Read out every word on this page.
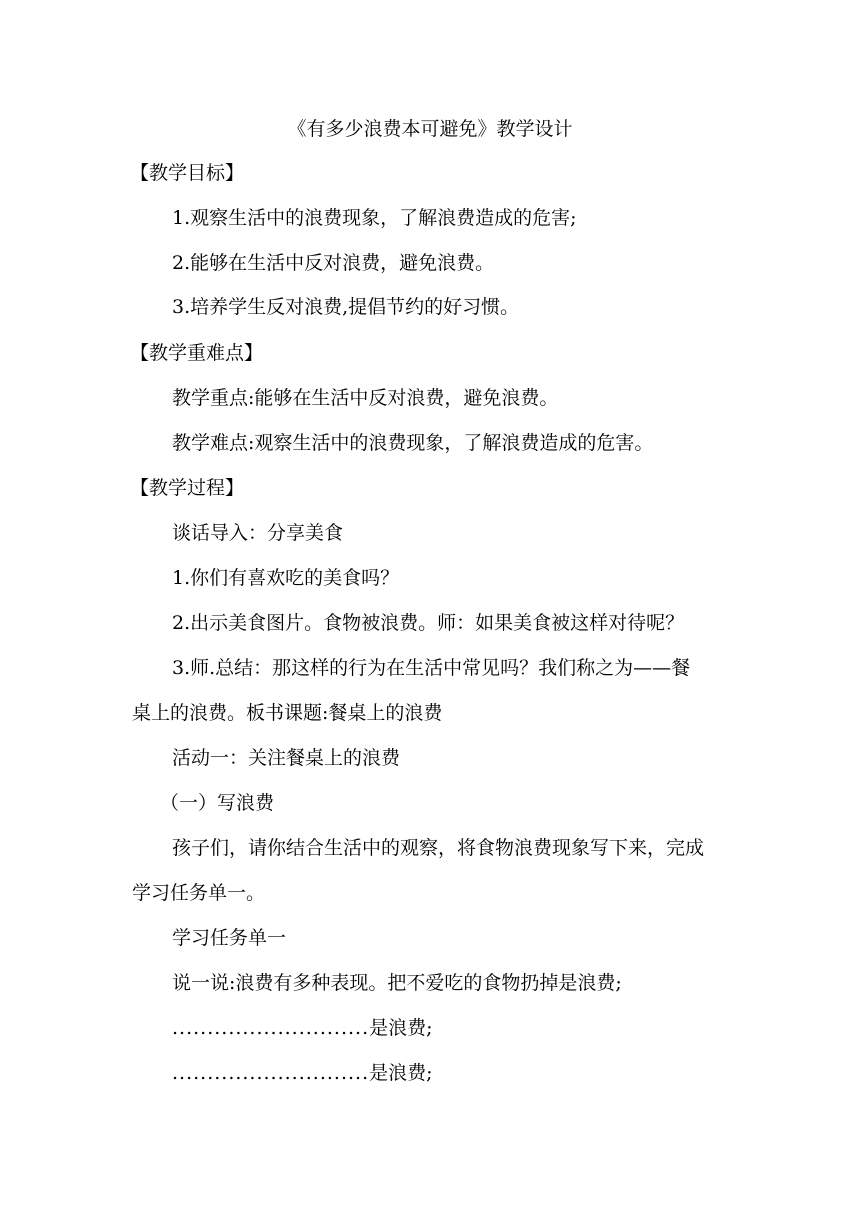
《有多少浪费本可避免》教学设计
【教学目标】
1.观察生活中的浪费现象，了解浪费造成的危害;
2.能够在生活中反对浪费，避免浪费。
3.培养学生反对浪费,提倡节约的好习惯。
【教学重难点】
教学重点:能够在生活中反对浪费，避免浪费。
教学难点:观察生活中的浪费现象，了解浪费造成的危害。
【教学过程】
谈话导入：分享美食
1.你们有喜欢吃的美食吗？
2.出示美食图片。食物被浪费。师：如果美食被这样对待呢？
3.师.总结：那这样的行为在生活中常见吗？我们称之为——餐
桌上的浪费。板书课题:餐桌上的浪费
活动一：关注餐桌上的浪费
（一）写浪费
孩子们，请你结合生活中的观察，将食物浪费现象写下来，完成
学习任务单一。
学习任务单一
说一说:浪费有多种表现。把不爱吃的食物扔掉是浪费;
............................是浪费;
............................是浪费;
